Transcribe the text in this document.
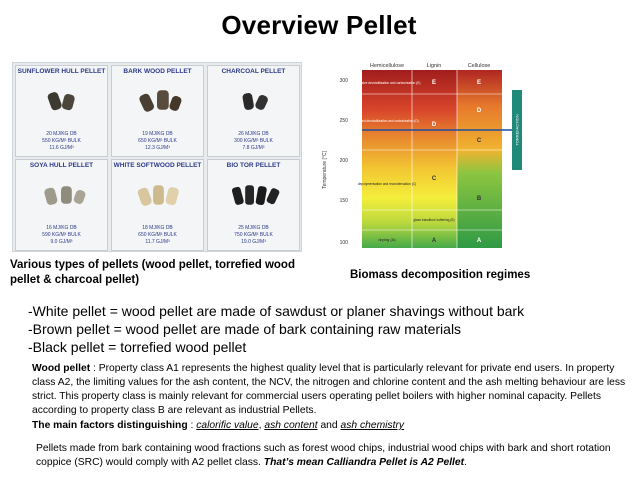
Overview Pellet
SUNFLOWER HULL PELLET
20 MJ/KG DB
550 KG/M³ BULK
11.6 GJ/M³
BARK WOOD PELLET
19 MJ/KG DB
650 KG/M³ BULK
12.3 GJ/M³
CHARCOAL PELLET
26 MJ/KG DB
300 KG/M³ BULK
7.8 GJ/M³
SOYA HULL PELLET
16 MJ/KG DB
590 KG/M³ BULK
9.0 GJ/M³
WHITE SOFTWOOD PELLET
18 MJ/KG DB
650 KG/M³ BULK
11.7 GJ/M³
BIO TOR PELLET
25 MJ/KG DB
750 KG/M³ BULK
19.0 GJ/M³
Hemicellulose	Lignin	Cellulose
Temperature [°C]
300
250
200
150
100
Extensive devolatilisation and carbonisation (E)
Limited devolatilisation and carbonisation (D)
depolymerisation and recondensation (C)
glass transition/ softening (B)
drying (A)
E	E
D
D
C
C
B
A	A
TORREFACTION
Various types of pellets (wood pellet, torrefied wood pellet & charcoal pellet)	Biomass decomposition regimes
-White pellet = wood pellet are made of sawdust or planer shavings without bark
-Brown pellet = wood pellet are made of bark containing raw materials
-Black pellet = torrefied wood pellet
Wood pellet : Property class A1 represents the highest quality level that is particularly relevant for private end users. In property class A2, the limiting values for the ash content, the NCV, the nitrogen and chlorine content and the ash melting behaviour are less strict. This property class is mainly relevant for commercial users operating pellet boilers with higher nominal capacity. Pellets according to property class B are relevant as industrial Pellets.
The main factors distinguishing : calorific value, ash content and ash chemistry
Pellets made from bark containing wood fractions such as forest wood chips, industrial wood chips with bark and short rotation coppice (SRC) would comply with A2 pellet class. That’s mean Calliandra Pellet is A2 Pellet.
